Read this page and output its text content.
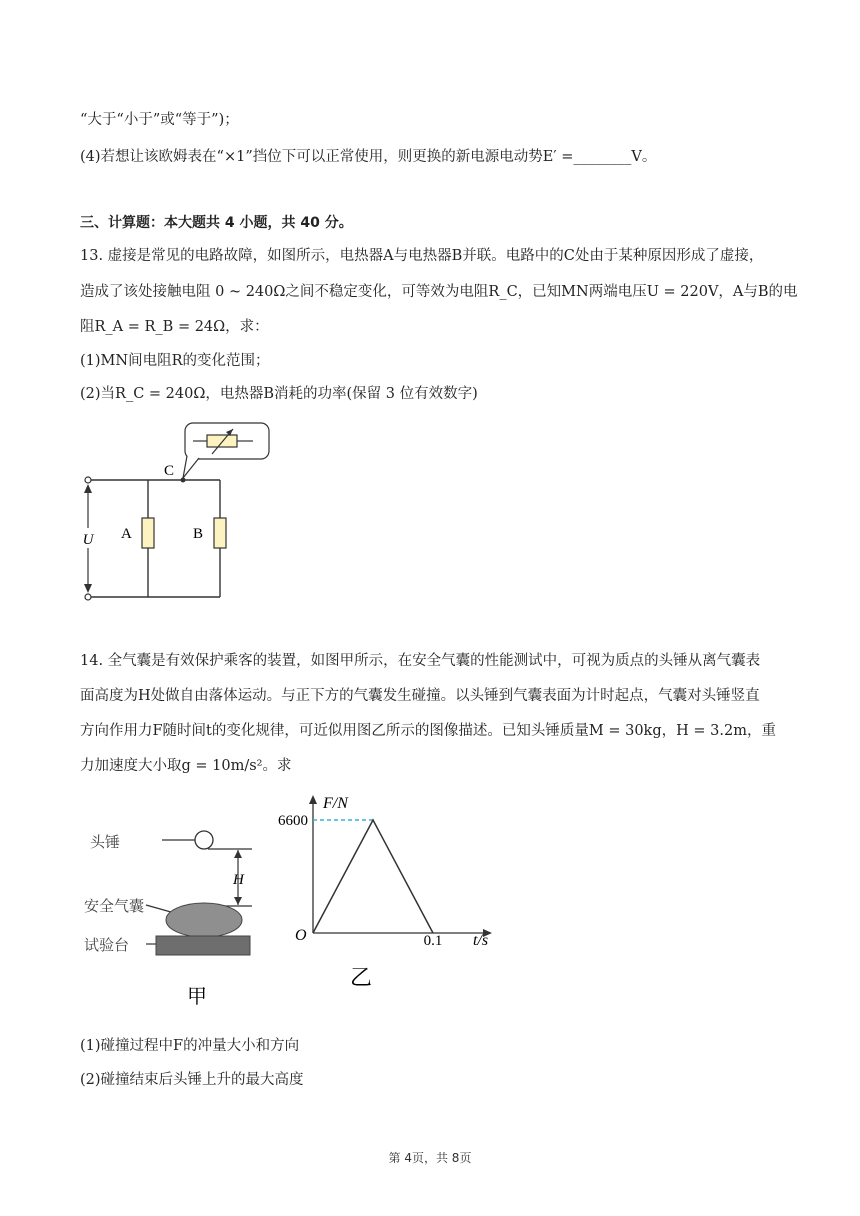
“大于“小于”或“等于”)；
(4)若想让该欧姆表在“×1”挡位下可以正常使用，则更换的新电源电动势E′ =________V。
三、计算题：本大题共 4 小题，共 40 分。
13. 虚接是常见的电路故障，如图所示，电热器A与电热器B并联。电路中的C处由于某种原因形成了虚接，
造成了该处接触电阻 0 ~ 240Ω之间不稳定变化，可等效为电阻R_C，已知MN两端电压U = 220V，A与B的电
阻R_A = R_B = 24Ω，求：
(1)MN间电阻R的变化范围；
(2)当R_C = 240Ω，电热器B消耗的功率(保留 3 位有效数字)
U
C
A	B
14. 全气囊是有效保护乘客的装置，如图甲所示，在安全气囊的性能测试中，可视为质点的头锤从离气囊表
面高度为H处做自由落体运动。与正下方的气囊发生碰撞。以头锤到气囊表面为计时起点，气囊对头锤竖直
方向作用力F随时间t的变化规律，可近似用图乙所示的图像描述。已知头锤质量M = 30kg，H = 3.2m，重
力加速度大小取g = 10m/s²。求
头锤
H
安全气囊
试验台
甲
F/N
6600
O	0.1 t/s
乙
(1)碰撞过程中F的冲量大小和方向
(2)碰撞结束后头锤上升的最大高度
第 4页，共 8页
